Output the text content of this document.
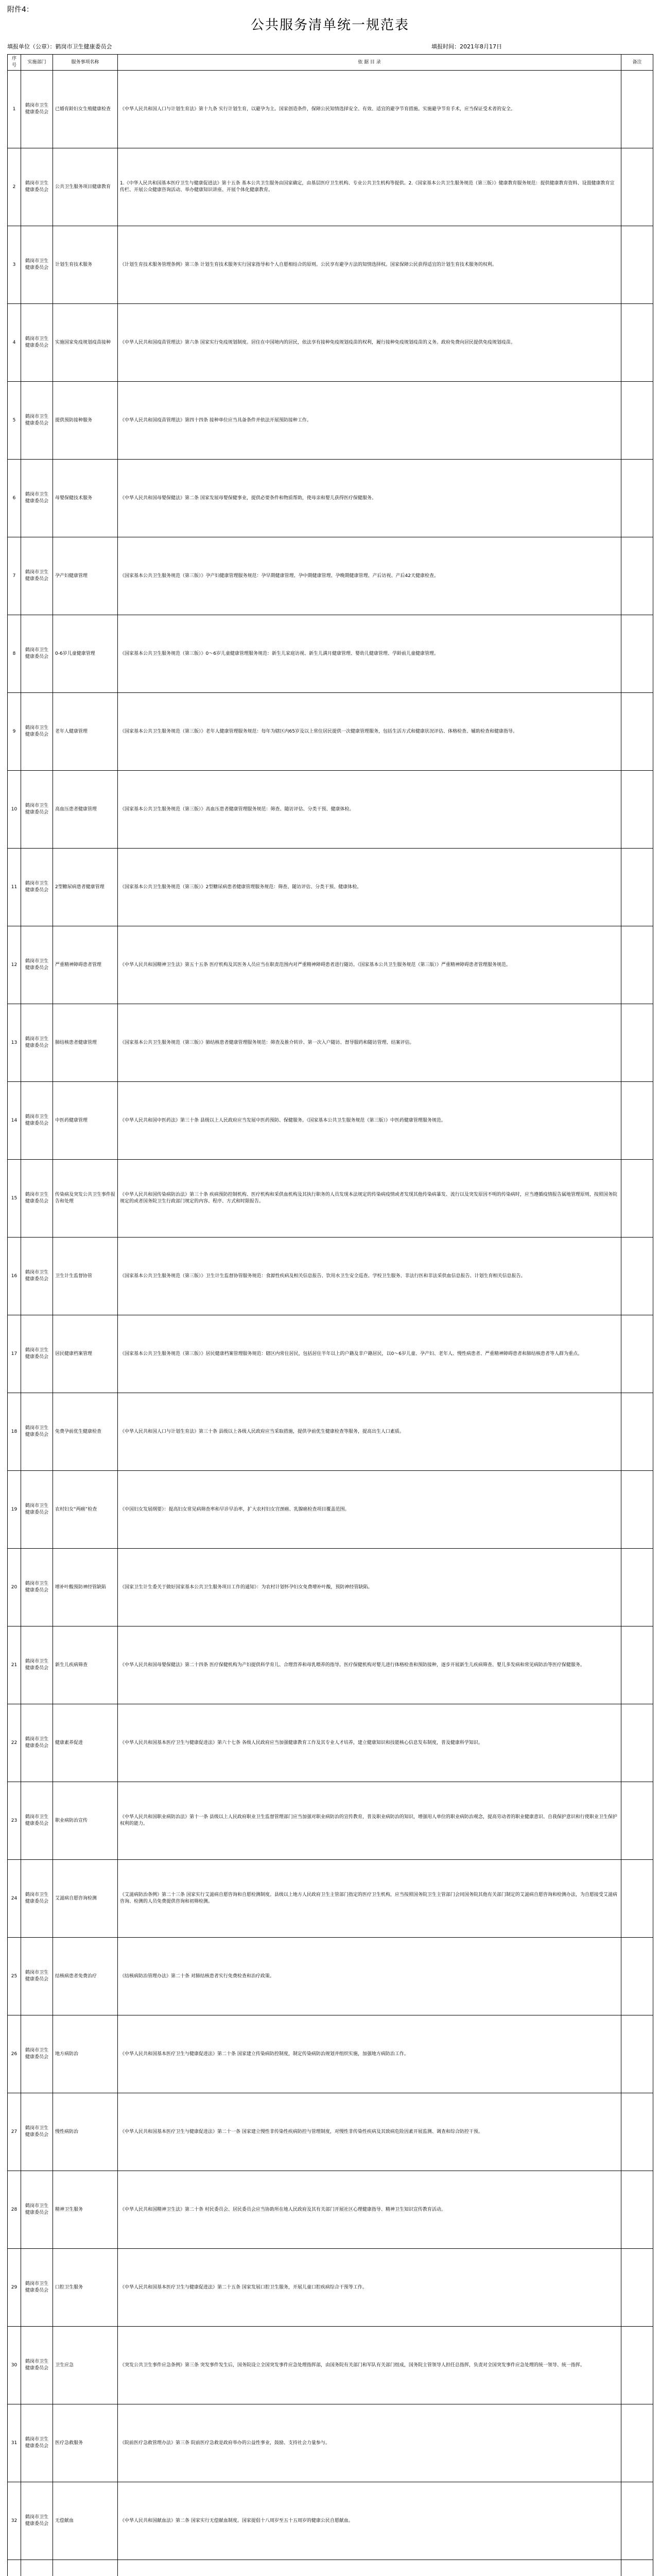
附件4：
公共服务清单统一规范表
填报单位（公章）：鹤岗市卫生健康委员会	填报时间：2021年8月17日
序号	实施部门	服务事项名称	依 据 目 录	备注
1	鹤岗市卫生健康委员会	已婚育龄妇女生殖健康检查	《中华人民共和国人口与计划生育法》第十九条 实行计划生育，以避孕为主。国家创造条件，保障公民知情选择安全、有效、适宜的避孕节育措施。实施避孕节育手术，应当保证受术者的安全。	
2	鹤岗市卫生健康委员会	公共卫生服务项目健康教育	1.《中华人民共和国基本医疗卫生与健康促进法》第十五条 基本公共卫生服务由国家确定，由基层医疗卫生机构、专业公共卫生机构等提供。2.《国家基本公共卫生服务规范（第三版）》健康教育服务规范：提供健康教育资料、设置健康教育宣传栏、开展公众健康咨询活动、举办健康知识讲座、开展个体化健康教育。	
3	鹤岗市卫生健康委员会	计划生育技术服务	《计划生育技术服务管理条例》第三条 计划生育技术服务实行国家指导和个人自愿相结合的原则。公民享有避孕方法的知情选择权。国家保障公民获得适宜的计划生育技术服务的权利。	
4	鹤岗市卫生健康委员会	实施国家免疫规划疫苗接种	《中华人民共和国疫苗管理法》第六条 国家实行免疫规划制度。居住在中国境内的居民，依法享有接种免疫规划疫苗的权利，履行接种免疫规划疫苗的义务。政府免费向居民提供免疫规划疫苗。	
5	鹤岗市卫生健康委员会	提供预防接种服务	《中华人民共和国疫苗管理法》第四十四条 接种单位应当具备条件并依法开展预防接种工作。	
6	鹤岗市卫生健康委员会	母婴保健技术服务	《中华人民共和国母婴保健法》第二条 国家发展母婴保健事业，提供必要条件和物质帮助，使母亲和婴儿获得医疗保健服务。	
7	鹤岗市卫生健康委员会	孕产妇健康管理	《国家基本公共卫生服务规范（第三版）》孕产妇健康管理服务规范：孕早期健康管理、孕中期健康管理、孕晚期健康管理、产后访视、产后42天健康检查。	
8	鹤岗市卫生健康委员会	0-6岁儿童健康管理	《国家基本公共卫生服务规范（第三版）》0～6岁儿童健康管理服务规范：新生儿家庭访视、新生儿满月健康管理、婴幼儿健康管理、学龄前儿童健康管理。	
9	鹤岗市卫生健康委员会	老年人健康管理	《国家基本公共卫生服务规范（第三版）》老年人健康管理服务规范：每年为辖区内65岁及以上常住居民提供一次健康管理服务，包括生活方式和健康状况评估、体格检查、辅助检查和健康指导。	
10	鹤岗市卫生健康委员会	高血压患者健康管理	《国家基本公共卫生服务规范（第三版）》高血压患者健康管理服务规范：筛查、随访评估、分类干预、健康体检。	
11	鹤岗市卫生健康委员会	2型糖尿病患者健康管理	《国家基本公共卫生服务规范（第三版）》2型糖尿病患者健康管理服务规范：筛查、随访评估、分类干预、健康体检。	
12	鹤岗市卫生健康委员会	严重精神障碍患者管理	《中华人民共和国精神卫生法》第五十五条 医疗机构及其医务人员应当在职责范围内对严重精神障碍患者进行随访。《国家基本公共卫生服务规范（第三版）》严重精神障碍患者管理服务规范。	
13	鹤岗市卫生健康委员会	肺结核患者健康管理	《国家基本公共卫生服务规范（第三版）》肺结核患者健康管理服务规范：筛查及推介转诊、第一次入户随访、督导服药和随访管理、结案评估。	
14	鹤岗市卫生健康委员会	中医药健康管理	《中华人民共和国中医药法》第三十条 县级以上人民政府应当发展中医药预防、保健服务。《国家基本公共卫生服务规范（第三版）》中医药健康管理服务规范。	
15	鹤岗市卫生健康委员会	传染病及突发公共卫生事件报告和处理	《中华人民共和国传染病防治法》第三十条 疾病预防控制机构、医疗机构和采供血机构及其执行职务的人员发现本法规定的传染病疫情或者发现其他传染病暴发、流行以及突发原因不明的传染病时，应当遵循疫情报告属地管理原则，按照国务院规定的或者国务院卫生行政部门规定的内容、程序、方式和时限报告。	
16	鹤岗市卫生健康委员会	卫生计生监督协管	《国家基本公共卫生服务规范（第三版）》卫生计生监督协管服务规范：食源性疾病及相关信息报告、饮用水卫生安全巡查、学校卫生服务、非法行医和非法采供血信息报告、计划生育相关信息报告。	
17	鹤岗市卫生健康委员会	居民健康档案管理	《国家基本公共卫生服务规范（第三版）》居民健康档案管理服务规范：辖区内常住居民，包括居住半年以上的户籍及非户籍居民，以0～6岁儿童、孕产妇、老年人、慢性病患者、严重精神障碍患者和肺结核患者等人群为重点。	
18	鹤岗市卫生健康委员会	免费孕前优生健康检查	《中华人民共和国人口与计划生育法》第三十条 县级以上各级人民政府应当采取措施，提供孕前优生健康检查等服务，提高出生人口素质。	
19	鹤岗市卫生健康委员会	农村妇女“两癌”检查	《中国妇女发展纲要》：提高妇女常见病筛查率和早诊早治率，扩大农村妇女宫颈癌、乳腺癌检查项目覆盖范围。	
20	鹤岗市卫生健康委员会	增补叶酸预防神经管缺陷	《国家卫生计生委关于做好国家基本公共卫生服务项目工作的通知》：为农村计划怀孕妇女免费增补叶酸，预防神经管缺陷。	
21	鹤岗市卫生健康委员会	新生儿疾病筛查	《中华人民共和国母婴保健法》第二十四条 医疗保健机构为产妇提供科学育儿、合理营养和母乳喂养的指导。医疗保健机构对婴儿进行体格检查和预防接种，逐步开展新生儿疾病筛查、婴儿多发病和常见病防治等医疗保健服务。	
22	鹤岗市卫生健康委员会	健康素养促进	《中华人民共和国基本医疗卫生与健康促进法》第六十七条 各级人民政府应当加强健康教育工作及其专业人才培养，建立健康知识和技能核心信息发布制度，普及健康科学知识。	
23	鹤岗市卫生健康委员会	职业病防治宣传	《中华人民共和国职业病防治法》第十一条 县级以上人民政府职业卫生监督管理部门应当加强对职业病防治的宣传教育，普及职业病防治的知识，增强用人单位的职业病防治观念，提高劳动者的职业健康意识、自我保护意识和行使职业卫生保护权利的能力。	
24	鹤岗市卫生健康委员会	艾滋病自愿咨询检测	《艾滋病防治条例》第二十三条 国家实行艾滋病自愿咨询和自愿检测制度。县级以上地方人民政府卫生主管部门指定的医疗卫生机构，应当按照国务院卫生主管部门会同国务院其他有关部门制定的艾滋病自愿咨询和检测办法，为自愿接受艾滋病咨询、检测的人员免费提供咨询和初筛检测。	
25	鹤岗市卫生健康委员会	结核病患者免费治疗	《结核病防治管理办法》第二十条 对肺结核患者实行免费检查和治疗政策。	
26	鹤岗市卫生健康委员会	地方病防治	《中华人民共和国基本医疗卫生与健康促进法》第二十条 国家建立传染病防控制度，制定传染病防治规划并组织实施，加强地方病防治工作。	
27	鹤岗市卫生健康委员会	慢性病防治	《中华人民共和国基本医疗卫生与健康促进法》第二十一条 国家建立慢性非传染性疾病防控与管理制度，对慢性非传染性疾病及其致病危险因素开展监测、调查和综合防控干预。	
28	鹤岗市卫生健康委员会	精神卫生服务	《中华人民共和国精神卫生法》第二十条 村民委员会、居民委员会应当协助所在地人民政府及其有关部门开展社区心理健康指导、精神卫生知识宣传教育活动。	
29	鹤岗市卫生健康委员会	口腔卫生服务	《中华人民共和国基本医疗卫生与健康促进法》第二十五条 国家发展口腔卫生服务，开展儿童口腔疾病综合干预等工作。	
30	鹤岗市卫生健康委员会	卫生应急	《突发公共卫生事件应急条例》第三条 突发事件发生后，国务院设立全国突发事件应急处理指挥部，由国务院有关部门和军队有关部门组成，国务院主管领导人担任总指挥，负责对全国突发事件应急处理的统一领导、统一指挥。	
31	鹤岗市卫生健康委员会	医疗急救服务	《院前医疗急救管理办法》第三条 院前医疗急救是政府举办的公益性事业，鼓励、支持社会力量参与。	
32	鹤岗市卫生健康委员会	无偿献血	《中华人民共和国献血法》第二条 国家实行无偿献血制度。国家提倡十八周岁至五十五周岁的健康公民自愿献血。	
